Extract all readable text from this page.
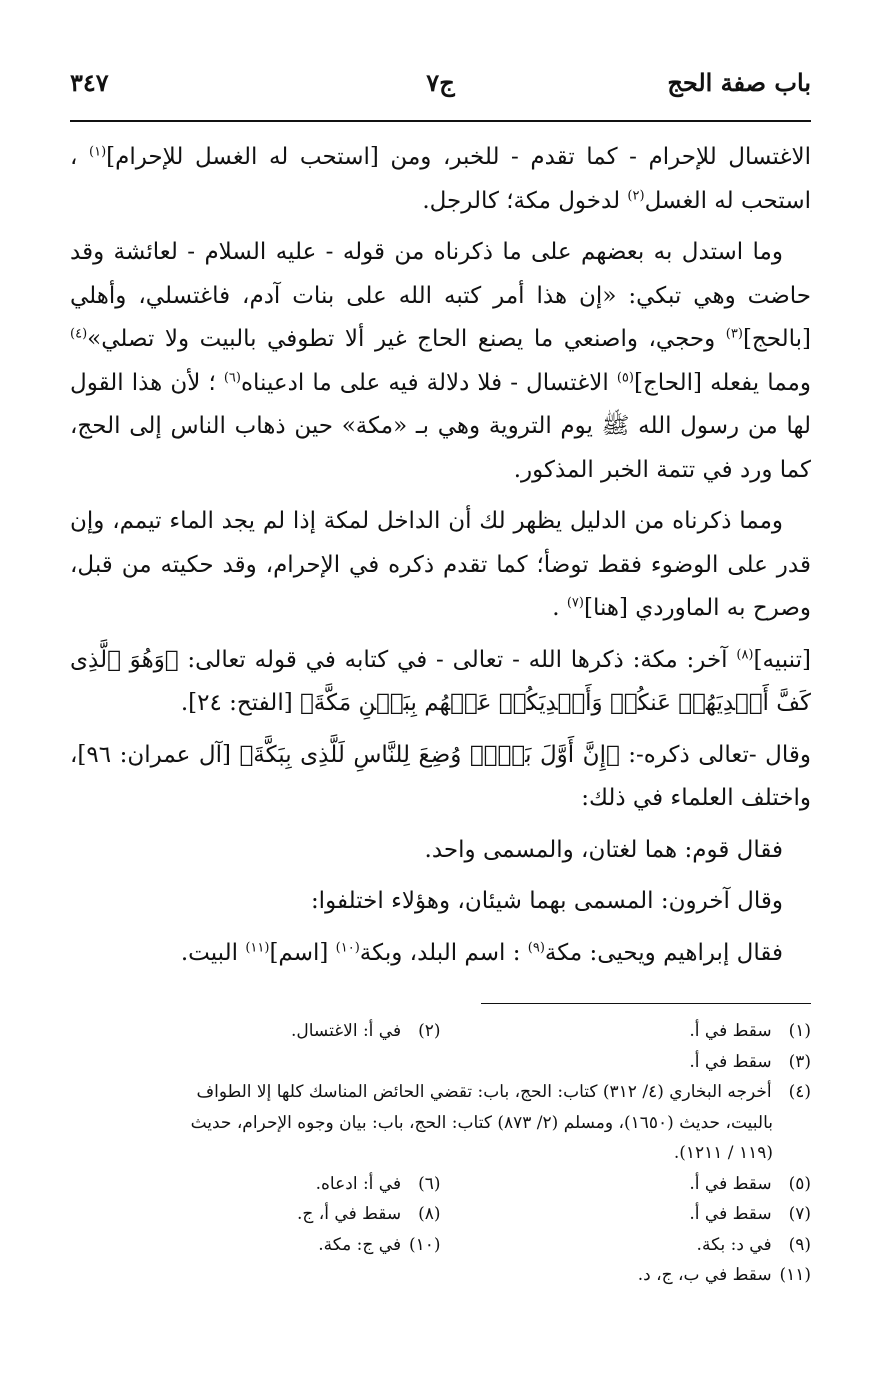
باب صفة الحج
ج٧
٣٤٧

الاغتسال للإحرام - كما تقدم - للخبر، ومن [استحب له الغسل للإحرام]$^{(١)}$ ، استحب له الغسل$^{(٢)}$ لدخول مكة؛ كالرجل.

وما استدل به بعضهم على ما ذكرناه من قوله - عليه السلام - لعائشة وقد حاضت وهي تبكي: «إن هذا أمر كتبه الله على بنات آدم، فاغتسلي، وأهلي [بالحج]$^{(٣)}$ وحجي، واصنعي ما يصنع الحاج غير ألا تطوفي بالبيت ولا تصلي»$^{(٤)}$ ومما يفعله [الحاج]$^{(٥)}$ الاغتسال - فلا دلالة فيه على ما ادعيناه$^{(٦)}$ ؛ لأن هذا القول لها من رسول الله ﷺ يوم التروية وهي بـ «مكة» حين ذهاب الناس إلى الحج، كما ورد في تتمة الخبر المذكور.

ومما ذكرناه من الدليل يظهر لك أن الداخل لمكة إذا لم يجد الماء تيمم، وإن قدر على الوضوء فقط توضأ؛ كما تقدم ذكره في الإحرام، وقد حكيته من قبل، وصرح به الماوردي [هنا]$^{(٧)}$ .

[تنبيه]$^{(٨)}$ آخر: مكة: ذكرها الله - تعالى - في كتابه في قوله تعالى: ﴿وَهُوَ ٱلَّذِى كَفَّ أَيۡدِيَهُمۡ عَنكُمۡ وَأَيۡدِيَكُمۡ عَنۡهُم بِبَطۡنِ مَكَّةَ﴾ [الفتح: ٢٤].

وقال -تعالى ذكره-: ﴿إِنَّ أَوَّلَ بَيۡتٖ وُضِعَ لِلنَّاسِ لَلَّذِى بِبَكَّةَ﴾ [آل عمران: ٩٦]، واختلف العلماء في ذلك:

فقال قوم: هما لغتان، والمسمى واحد.

وقال آخرون: المسمى بهما شيئان، وهؤلاء اختلفوا:

فقال إبراهيم ويحيى: مكة$^{(٩)}$ : اسم البلد، وبكة$^{(١٠)}$ [اسم]$^{(١١)}$ البيت.

(١) سقط في أ.
(٢) في أ: الاغتسال.
(٣) سقط في أ.
(٤) أخرجه البخاري (٤/ ٣١٢) كتاب: الحج، باب: تقضي الحائض المناسك كلها إلا الطواف
بالبيت، حديث (١٦٥٠)، ومسلم (٢/ ٨٧٣) كتاب: الحج، باب: بيان وجوه الإحرام، حديث
(١١٩ / ١٢١١).
(٥) سقط في أ.
(٦) في أ: ادعاه.
(٧) سقط في أ.
(٨) سقط في أ، ج.
(٩) في د: بكة.
(١٠) في ج: مكة.
(١١) سقط في ب، ج، د.
